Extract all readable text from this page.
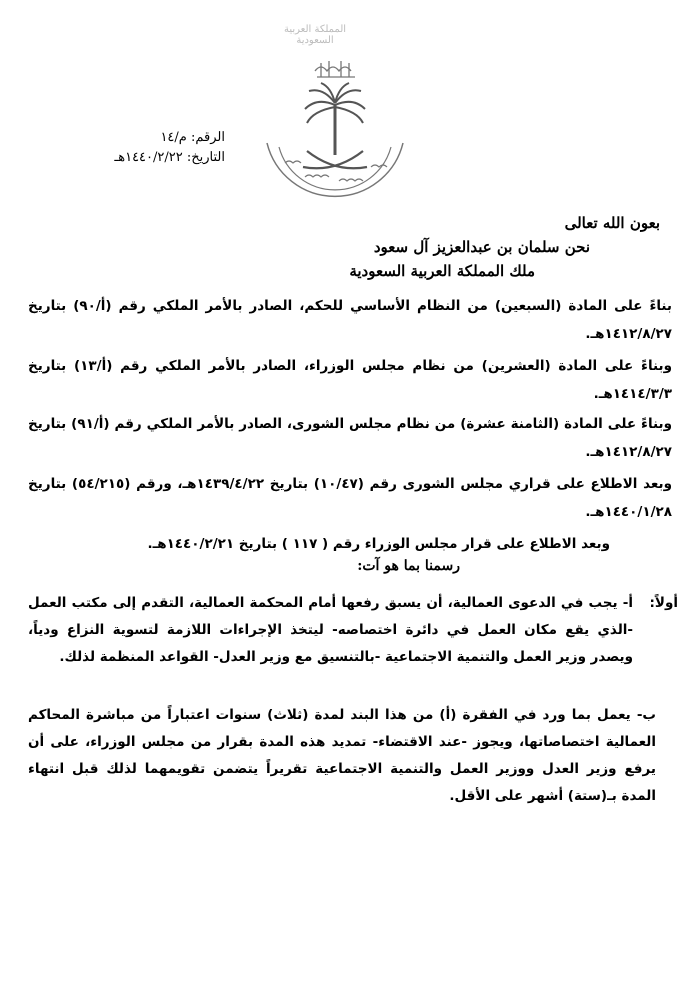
المملكة العربية السعودية
الرقم: م/١٤
التاريخ: ١٤٤٠/٢/٢٢هـ
بعون الله تعالى
نحن سلمان بن عبدالعزيز آل سعود
ملك المملكة العربية السعودية
بناءً على المادة (السبعين) من النظام الأساسي للحكم، الصادر بالأمر الملكي رقم (أ/٩٠) بتاريخ ١٤١٢/٨/٢٧هـ.
وبناءً على المادة (العشرين) من نظام مجلس الوزراء، الصادر بالأمر الملكي رقم (أ/١٣) بتاريخ ١٤١٤/٣/٣هـ.
وبناءً على المادة (الثامنة عشرة) من نظام مجلس الشورى، الصادر بالأمر الملكي رقم (أ/٩١) بتاريخ ١٤١٢/٨/٢٧هـ.
وبعد الاطلاع على قراري مجلس الشورى رقم (١٠/٤٧) بتاريخ ١٤٣٩/٤/٢٢هـ، ورقم (٥٤/٢١٥) بتاريخ ١٤٤٠/١/٢٨هـ.
وبعد الاطلاع على قرار مجلس الوزراء رقم ( ١١٧ ) بتاريخ ١٤٤٠/٢/٢١هـ.
رسمنا بما هو آت:
أولاً:
أ- يجب في الدعوى العمالية، أن يسبق رفعها أمام المحكمة العمالية، التقدم إلى مكتب العمل -الذي يقع مكان العمل في دائرة اختصاصه- ليتخذ الإجراءات اللازمة لتسوية النزاع ودياً، ويصدر وزير العمل والتنمية الاجتماعية -بالتنسيق مع وزير العدل- القواعد المنظمة لذلك.
ب- يعمل بما ورد في الفقرة (أ) من هذا البند لمدة (ثلاث) سنوات اعتباراً من مباشرة المحاكم العمالية اختصاصاتها، ويجوز -عند الاقتضاء- تمديد هذه المدة بقرار من مجلس الوزراء، على أن يرفع وزير العدل ووزير العمل والتنمية الاجتماعية تقريراً يتضمن تقويمهما لذلك قبل انتهاء المدة بـ(ستة) أشهر على الأقل.
